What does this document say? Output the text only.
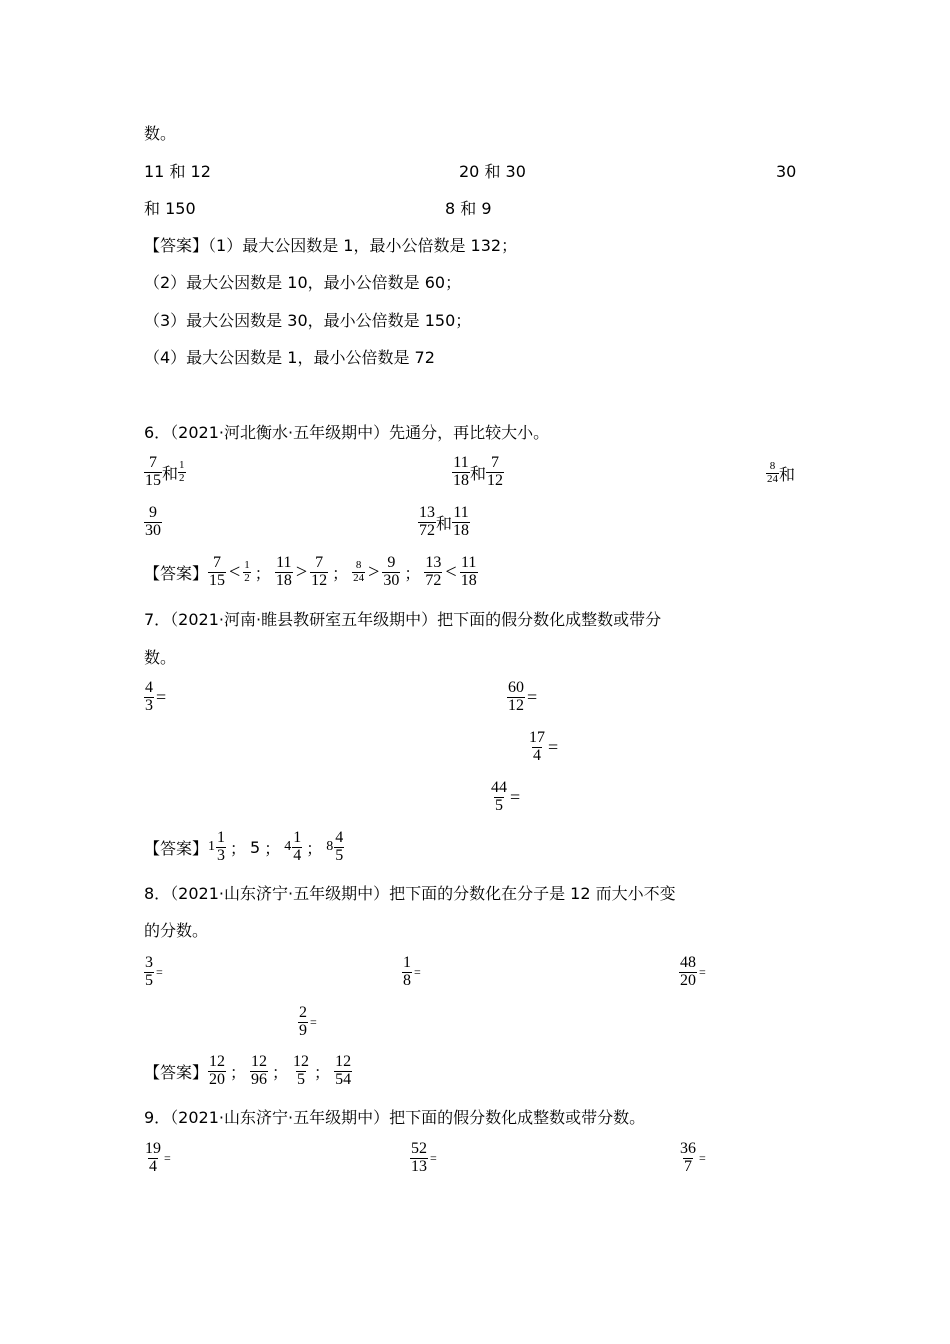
数。
11 和 12	20 和 30	30
和 150	8 和 9
【答案】（1）最大公因数是 1，最小公倍数是 132；
（2）最大公因数是 10，最小公倍数是 60；
（3）最大公因数是 30，最小公倍数是 150；
（4）最大公因数是 1，最小公倍数是 72
6．（2021·河北衡水·五年级期中）先通分，再比较大小。
$\frac{7}{15}$ 和 $\frac{1}{2}$	$\frac{11}{18}$ 和 $\frac{7}{12}$	$\frac{8}{24}$ 和
$\frac{9}{30}$	$\frac{13}{72}$ 和 $\frac{11}{18}$
【答案】 $\frac{7}{15} < \frac{1}{2}$ ； $\frac{11}{18} > \frac{7}{12}$ ； $\frac{8}{24} > \frac{9}{30}$ ； $\frac{13}{72} < \frac{11}{18}$
7．（2021·河南·睢县教研室五年级期中）把下面的假分数化成整数或带分
数。
$\frac{4}{3}$ =	$\frac{60}{12}$ =
$\frac{17}{4}$ =
$\frac{44}{5}$ =
【答案】 $1 \frac{1}{3}$ ； 5 ； $4 \frac{1}{4}$ ； $8 \frac{4}{5}$
8．（2021·山东济宁·五年级期中）把下面的分数化在分子是 12 而大小不变
的分数。
$\frac{3}{5}$ =	$\frac{1}{8}$ =	$\frac{48}{20}$ =
$\frac{2}{9}$ =
【答案】 $\frac{12}{20}$ ； $\frac{12}{96}$ ； $\frac{12}{5}$ ； $\frac{12}{54}$
9．（2021·山东济宁·五年级期中）把下面的假分数化成整数或带分数。
$\frac{19}{4}$ =	$\frac{52}{13}$ =	$\frac{36}{7}$ =
